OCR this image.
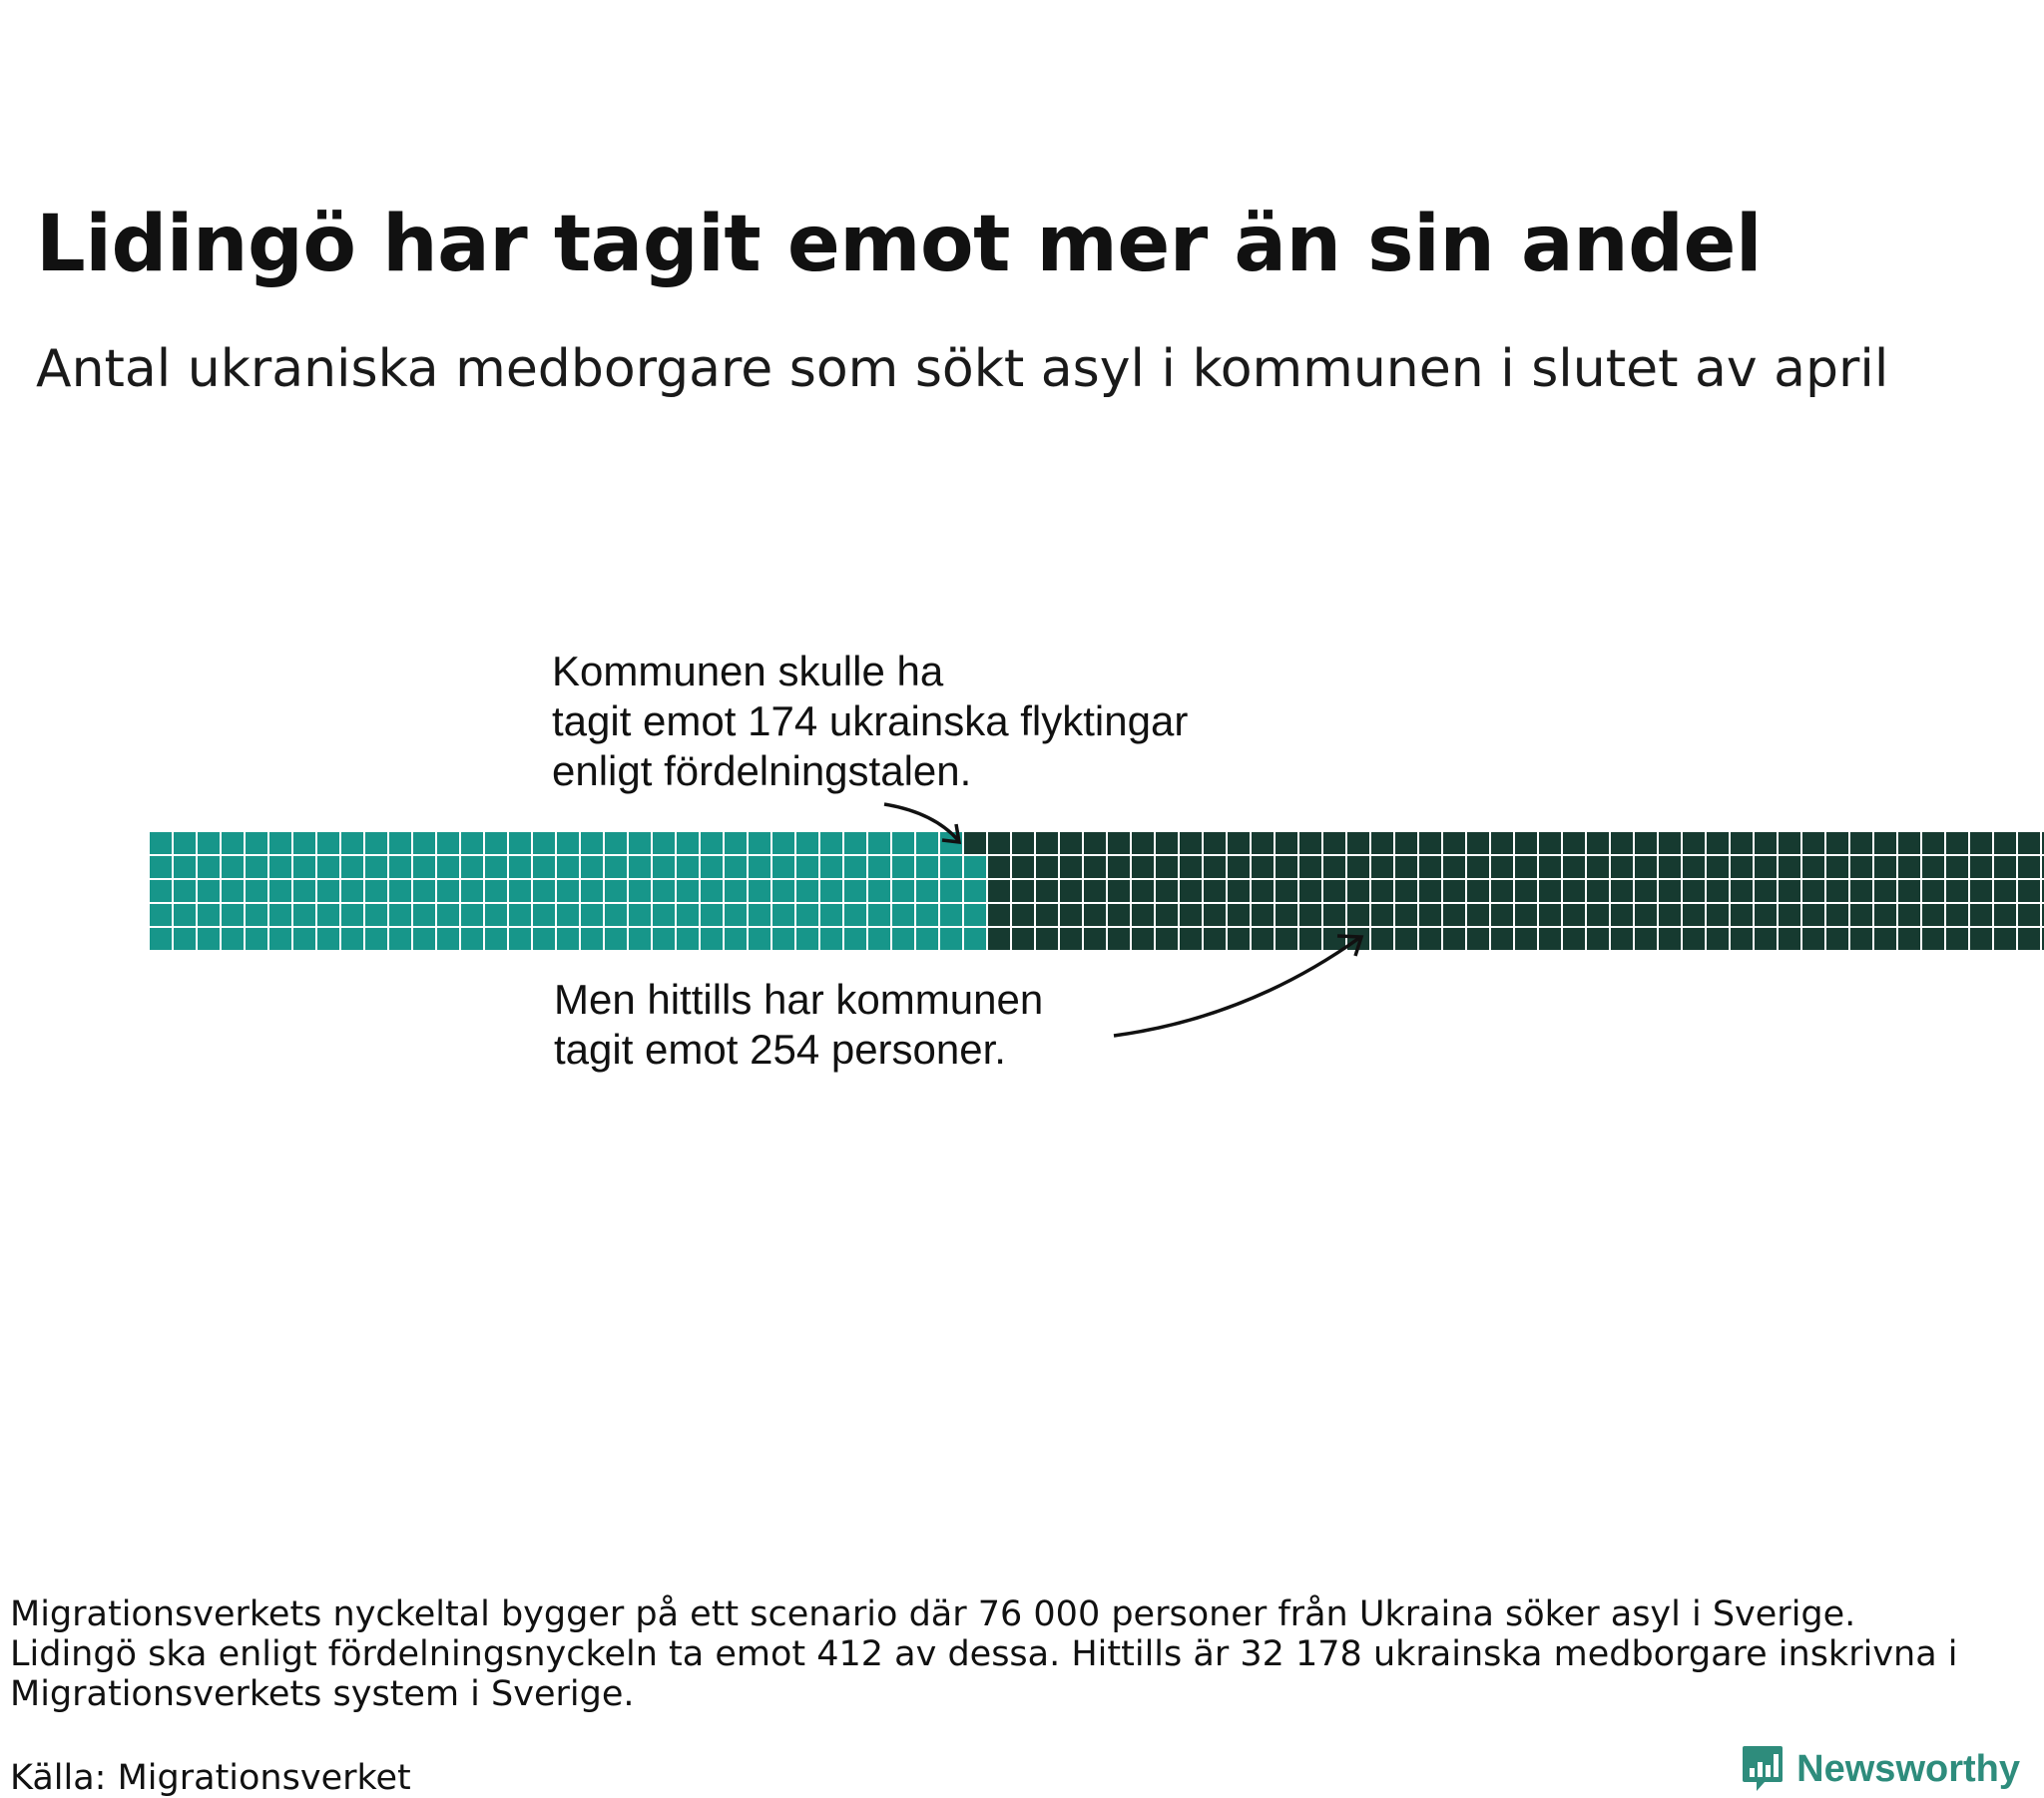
Lidingö har tagit emot mer än sin andel
Antal ukraniska medborgare som sökt asyl i kommunen i slutet av april
Kommunen skulle ha
tagit emot 174 ukrainska flyktingar
enligt fördelningstalen.
Men hittills har kommunen
tagit emot 254 personer.
Migrationsverkets nyckeltal bygger på ett scenario där 76 000 personer från Ukraina söker asyl i Sverige.
Lidingö ska enligt fördelningsnyckeln ta emot 412 av dessa. Hittills är 32 178 ukrainska medborgare inskrivna i
Migrationsverkets system i Sverige.
Källa: Migrationsverket	Newsworthy
